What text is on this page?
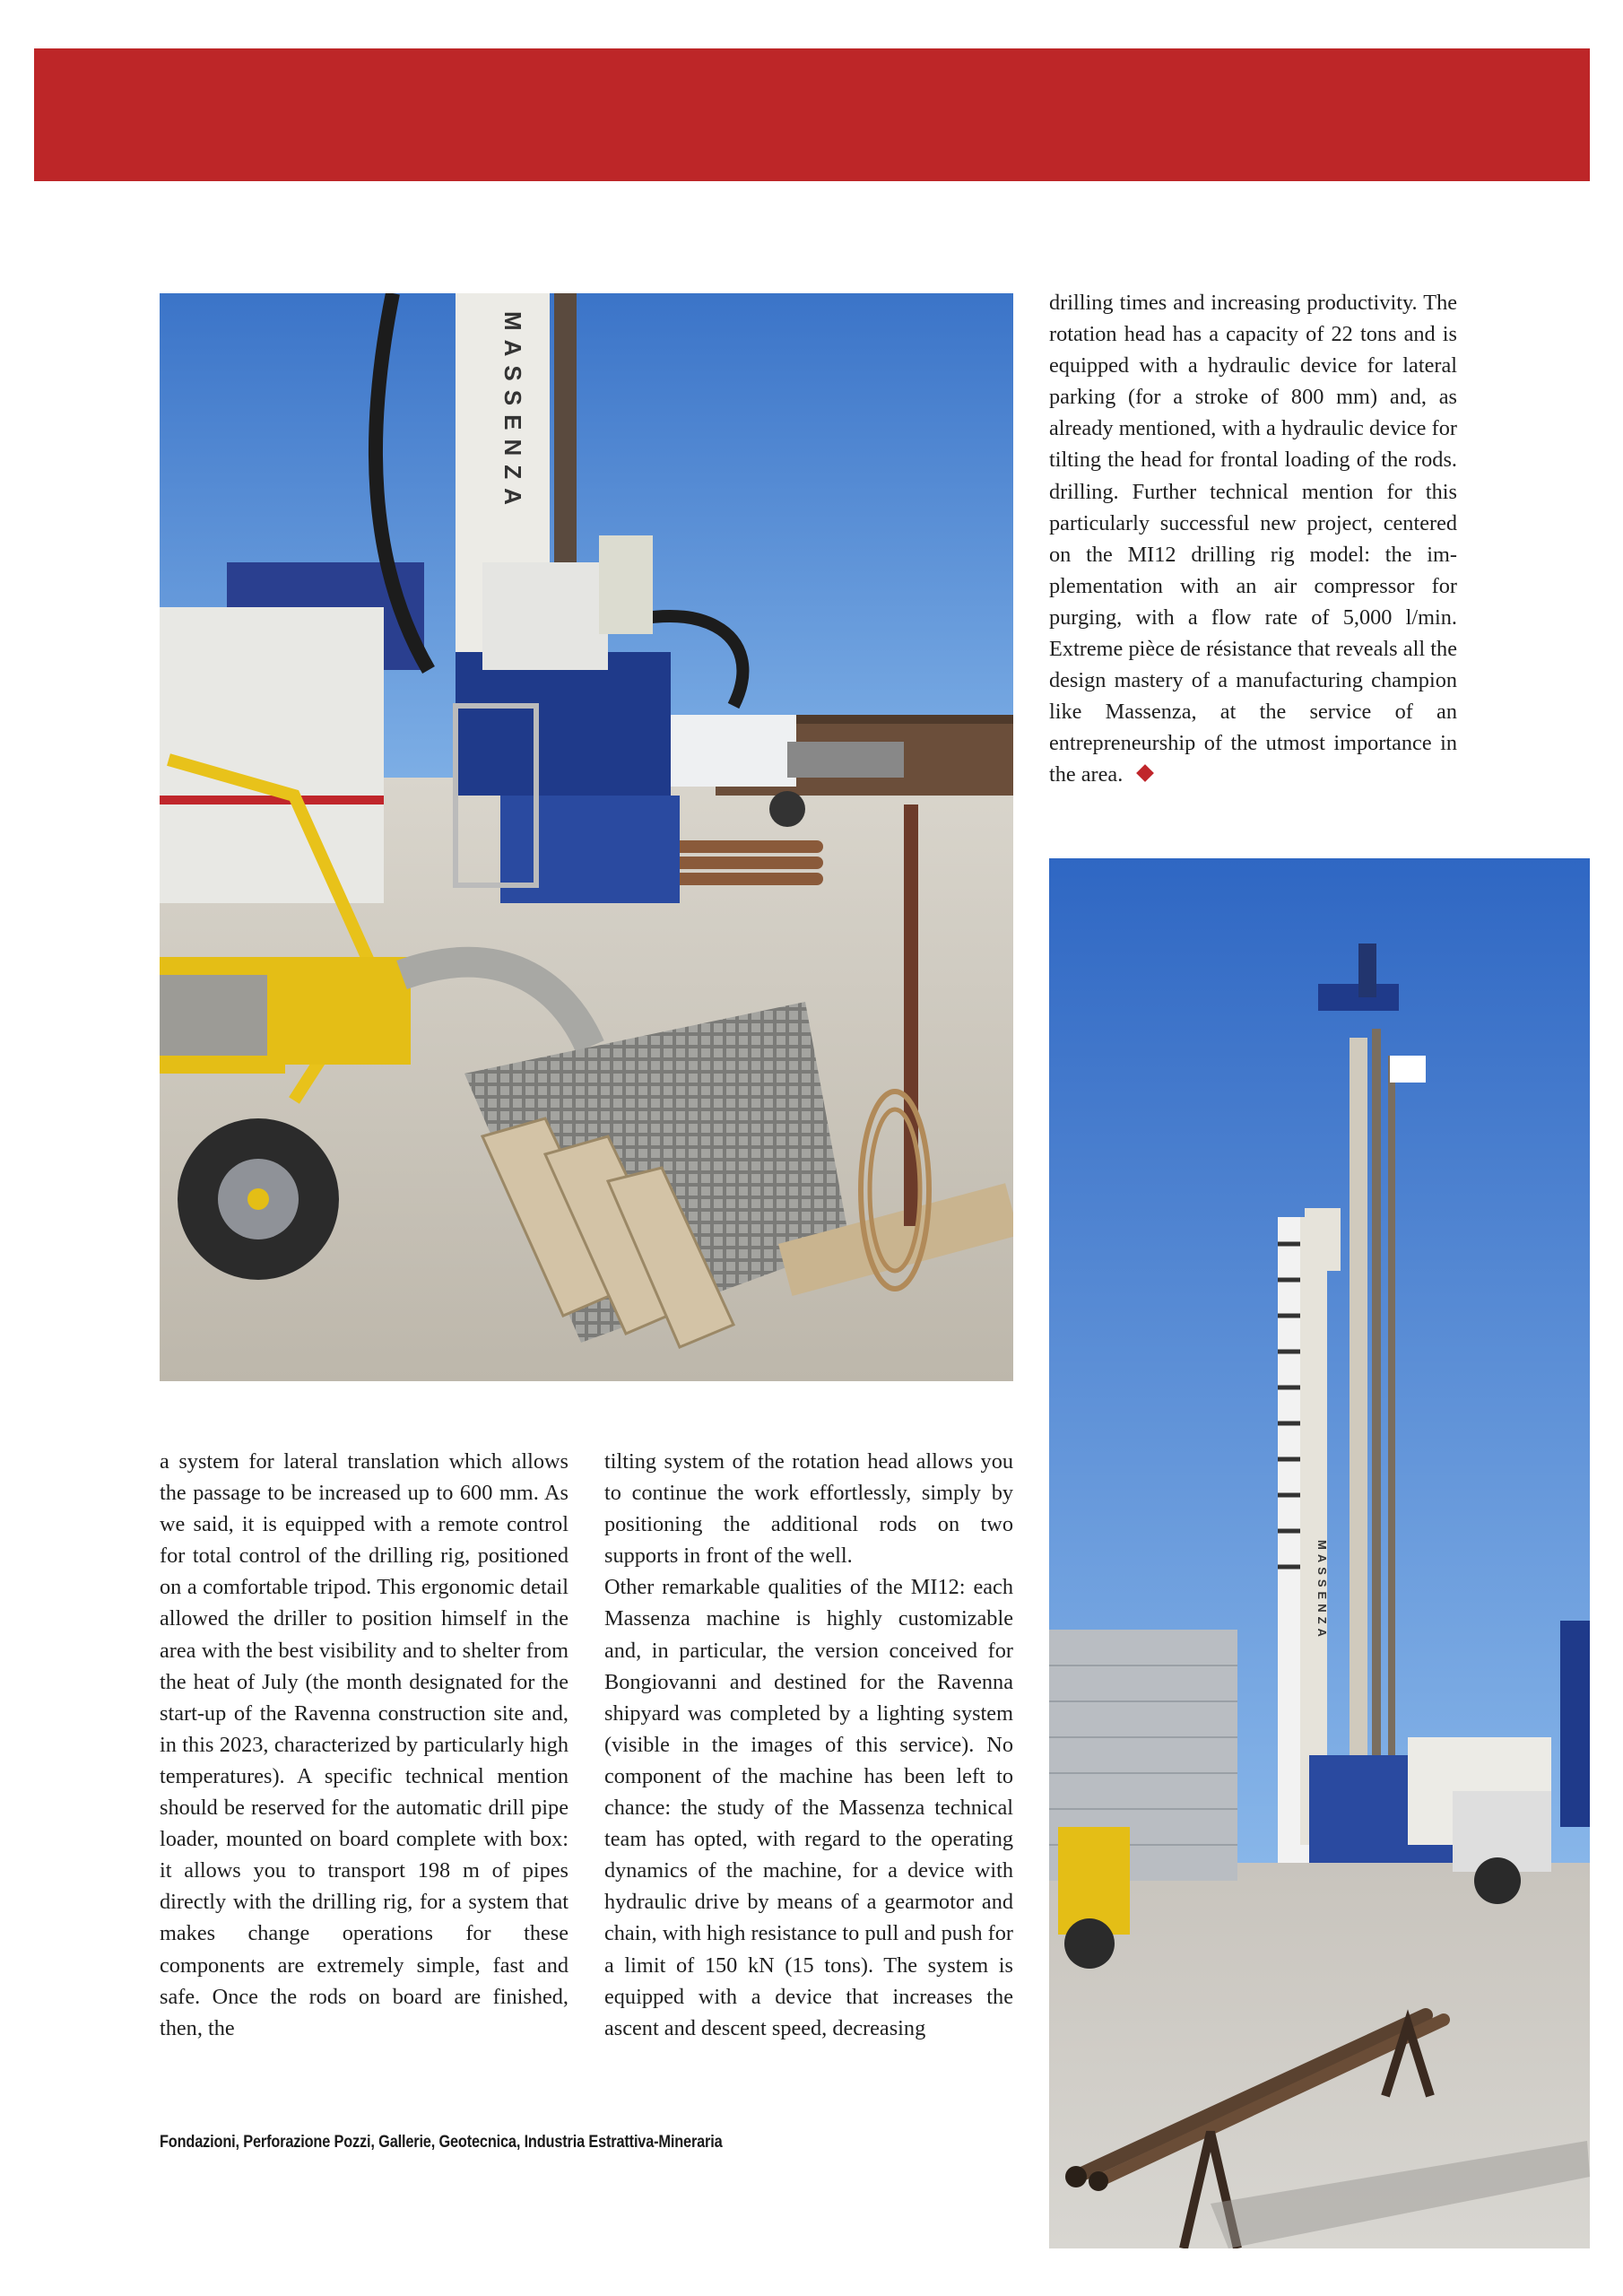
MASSENZA
MASSENZA

a system for lateral translation which allows the passage to be increased up to 600 mm. As we said, it is equipped with a remote control for total control of the drilling rig, positioned on a comfortable tripod. This ergonomic detail allowed the driller to position himself in the area with the best visibility and to shelter from the heat of July (the month designated for the start-up of the Ravenna construction site and, in this 2023, characterized by particularly high temperatures). A specific technical mention should be reserved for the automatic drill pipe loader, mounted on board complete with box: it allows you to transport 198 m of pipes directly with the drilling rig, for a system that makes change operations for these components are extremely simple, fast and safe. Once the rods on board are finished, then, the

tilting system of the rotation head allows you to continue the work effortlessly, simply by positioning the additional rods on two supports in front of the well.

Other remarkable qualities of the MI12: each Massenza machine is highly customizable and, in particular, the version conceived for Bongiovanni and destined for the Ravenna shipyard was completed by a lighting system (visible in the images of this service). No component of the machine has been left to chance: the study of the Massenza technical team has opted, with regard to the operating dynamics of the machine, for a device with hydraulic drive by means of a gearmotor and chain, with high resistance to pull and push for a limit of 150 kN (15 tons). The system is equipped with a device that increases the ascent and descent speed, decreasing

drilling times and increasing productivity. The rotation head has a capacity of 22 tons and is equipped with a hydraulic device for lateral parking (for a stroke of 800 mm) and, as already mentioned, with a hydraulic device for tilting the head for frontal loading of the rods. drilling. Further technical mention for this particularly successful new project, centered on the MI12 drilling rig model: the implementation with an air compressor for purging, with a flow rate of 5,000 l/min. Extreme pièce de résistance that reveals all the design mastery of a manufacturing champion like Massenza, at the service of an entrepreneurship of the utmost importance in the area.

Fondazioni, Perforazione Pozzi, Gallerie, Geotecnica, Industria Estrattiva-Mineraria
